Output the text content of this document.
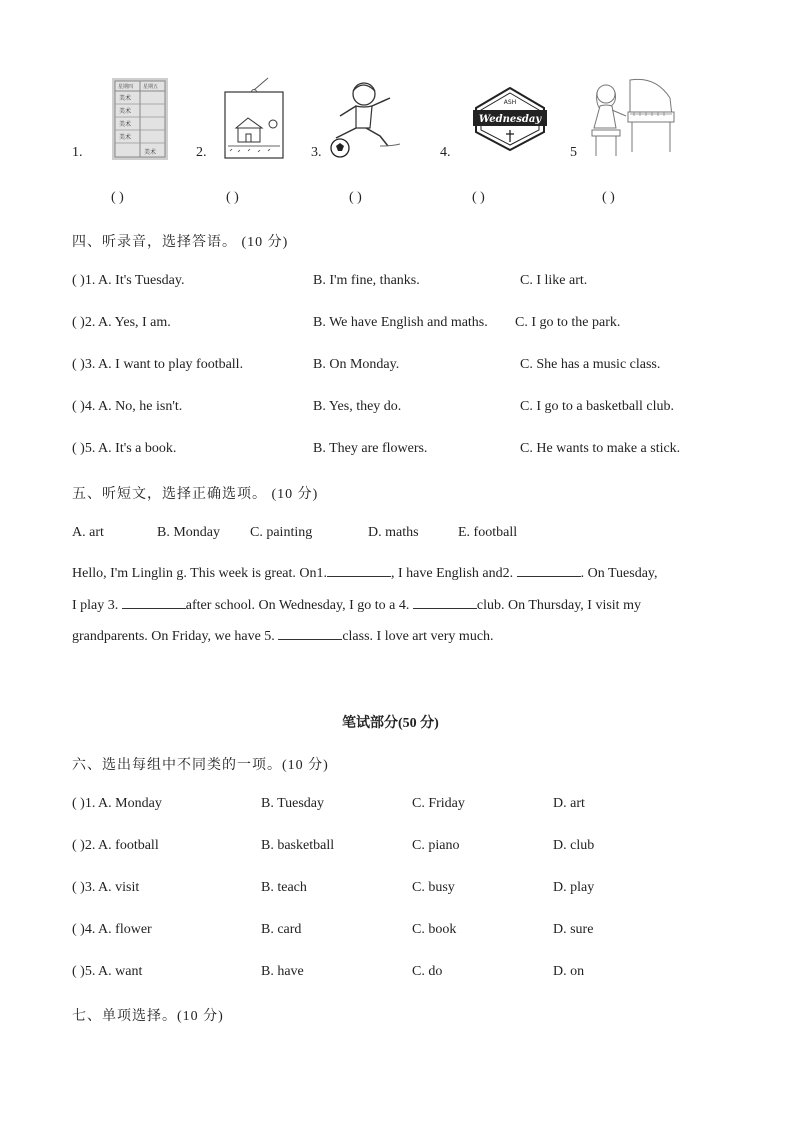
1.
星期四 星期五
美术
美术
美术
美术
美术	2.	3.	4.
ASH
Wednesday
5
( )	( )	( )	( )	( )
四、听录音，选择答语。 (10 分)
( )1. A. It's Tuesday.	B. I'm fine, thanks.	C. I like art.
( )2. A. Yes, I am.	B. We have English and maths. C. I go to the park.
( )3. A. I want to play football.	B. On Monday.	C. She has a music class.
( )4. A. No, he isn't.	B. Yes, they do.	C. I go to a basketball club.
( )5. A. It's a book.	B. They are flowers.	C. He wants to make a stick.
五、听短文，选择正确选项。 (10 分)
A. art	B. Monday C. painting	D. maths	E. football
Hello, I'm Linglin g. This week is great. On1.	, I have English and2.	. On Tuesday,
I play 3.	after school. On Wednesday, I go to a 4.	club. On Thursday, I visit my
grandparents. On Friday, we have 5.	class. I love art very much.
笔试部分(50 分)
六、选出每组中不同类的一项。(10 分)
( )1. A. Monday	B. Tuesday	C. Friday	D. art
( )2. A. football	B. basketball	C. piano	D. club
( )3. A. visit	B. teach	C. busy	D. play
( )4. A. flower	B. card	C. book	D. sure
( )5. A. want	B. have	C. do	D. on
七、单项选择。(10 分)
